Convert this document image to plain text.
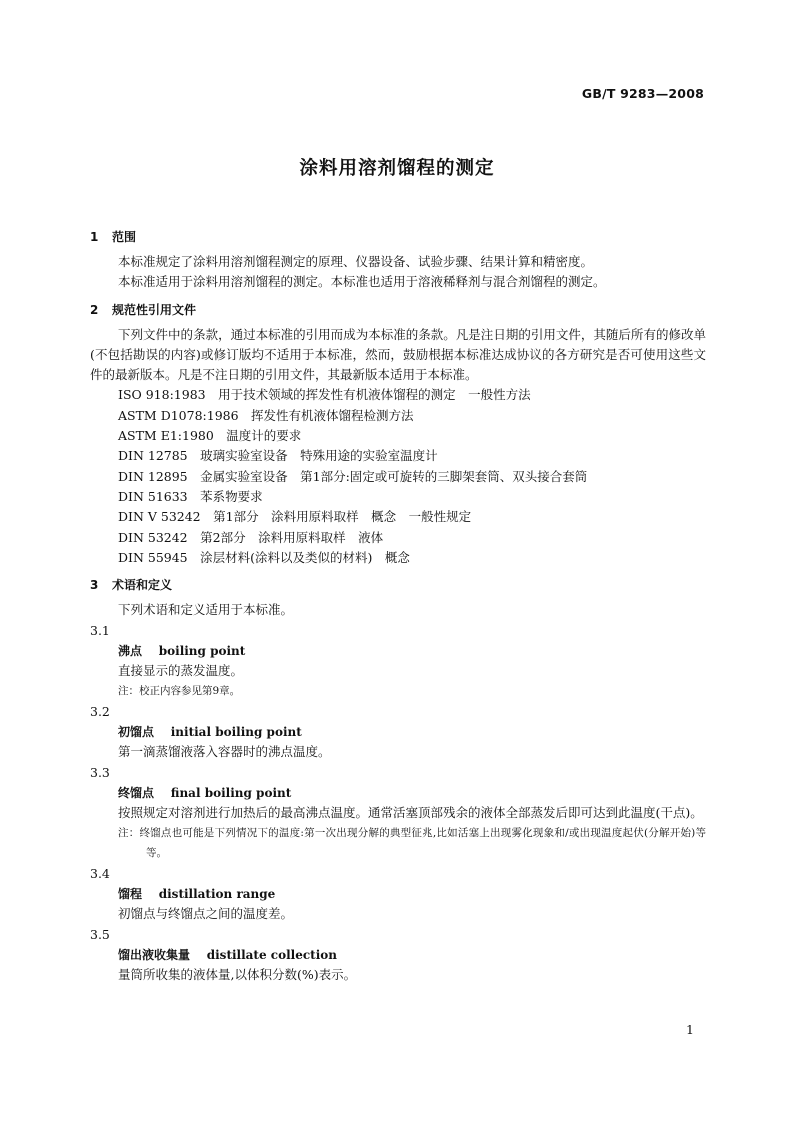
GB/T 9283—2008
涂料用溶剂馏程的测定
1 范围
本标准规定了涂料用溶剂馏程测定的原理、仪器设备、试验步骤、结果计算和精密度。
本标准适用于涂料用溶剂馏程的测定。本标准也适用于溶液稀释剂与混合剂馏程的测定。
2 规范性引用文件
下列文件中的条款，通过本标准的引用而成为本标准的条款。凡是注日期的引用文件，其随后所有的修改单(不包括勘误的内容)或修订版均不适用于本标准，然而，鼓励根据本标准达成协议的各方研究是否可使用这些文件的最新版本。凡是不注日期的引用文件，其最新版本适用于本标准。
ISO 918:1983　用于技术领域的挥发性有机液体馏程的测定　一般性方法
ASTM D1078:1986　挥发性有机液体馏程检测方法
ASTM E1:1980　温度计的要求
DIN 12785　玻璃实验室设备　特殊用途的实验室温度计
DIN 12895　金属实验室设备　第1部分:固定或可旋转的三脚架套筒、双头接合套筒
DIN 51633　苯系物要求
DIN V 53242　第1部分　涂料用原料取样　概念　一般性规定
DIN 53242　第2部分　涂料用原料取样　液体
DIN 55945　涂层材料(涂料以及类似的材料)　概念
3 术语和定义
下列术语和定义适用于本标准。
3.1
沸点 boiling point
直接显示的蒸发温度。
注：校正内容参见第9章。
3.2
初馏点 initial boiling point
第一滴蒸馏液落入容器时的沸点温度。
3.3
终馏点 final boiling point
按照规定对溶剂进行加热后的最高沸点温度。通常活塞顶部残余的液体全部蒸发后即可达到此温度(干点)。
注：终馏点也可能是下列情况下的温度:第一次出现分解的典型征兆,比如活塞上出现雾化现象和/或出现温度起伏(分解开始)等等。
3.4
馏程 distillation range
初馏点与终馏点之间的温度差。
3.5
馏出液收集量 distillate collection
量筒所收集的液体量,以体积分数(%)表示。
1
